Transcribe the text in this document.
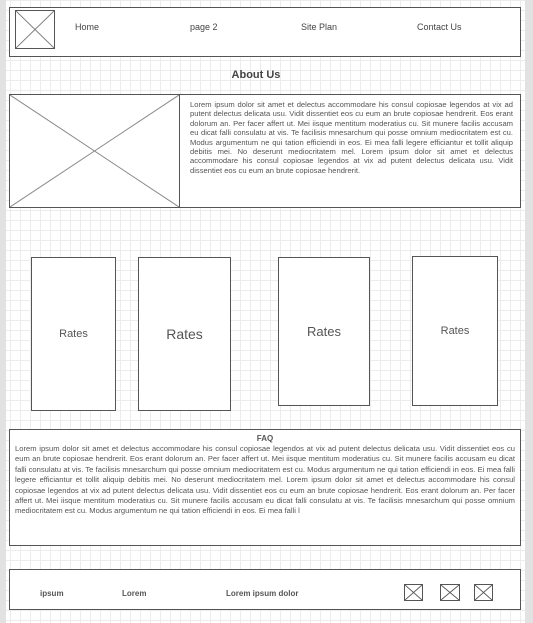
Home	page 2	Site Plan	Contact Us
About Us

Lorem ipsum dolor sit amet et delectus accommodare his consul copiosae legendos at vix ad putent delectus delicata usu. Vidit dissentiet eos cu eum an brute copiosae hendrerit. Eos erant dolorum an. Per facer affert ut. Mei iisque mentitum moderatius cu. Sit munere facilis accusam eu dicat falli consulatu at vis. Te facilisis mnesarchum qui posse omnium mediocritatem est cu. Modus argumentum ne qui tation efficiendi in eos. Ei mea falli legere efficiantur et tollit aliquip debitis mei. No deserunt mediocritatem mel. Lorem ipsum dolor sit amet et delectus accommodare his consul copiosae legendos at vix ad putent delectus delicata usu. Vidit dissentiet eos cu eum an brute copiosae hendrerit.

Rates	Rates	Rates	Rates
FAQ

Lorem ipsum dolor sit amet et delectus accommodare his consul copiosae legendos at vix ad putent delectus delicata usu. Vidit dissentiet eos cu eum an brute copiosae hendrerit. Eos erant dolorum an. Per facer affert ut. Mei iisque mentitum moderatius cu. Sit munere facilis accusam eu dicat falli consulatu at vis. Te facilisis mnesarchum qui posse omnium mediocritatem est cu. Modus argumentum ne qui tation efficiendi in eos. Ei mea falli legere efficiantur et tollit aliquip debitis mei. No deserunt mediocritatem mel. Lorem ipsum dolor sit amet et delectus accommodare his consul copiosae legendos at vix ad putent delectus delicata usu. Vidit dissentiet eos cu eum an brute copiosae hendrerit. Eos erant dolorum an. Per facer affert ut. Mei iisque mentitum moderatius cu. Sit munere facilis accusam eu dicat falli consulatu at vis. Te facilisis mnesarchum qui posse omnium mediocritatem est cu. Modus argumentum ne qui tation efficiendi in eos. Ei mea falli l

ipsum	Lorem	Lorem ipsum dolor
